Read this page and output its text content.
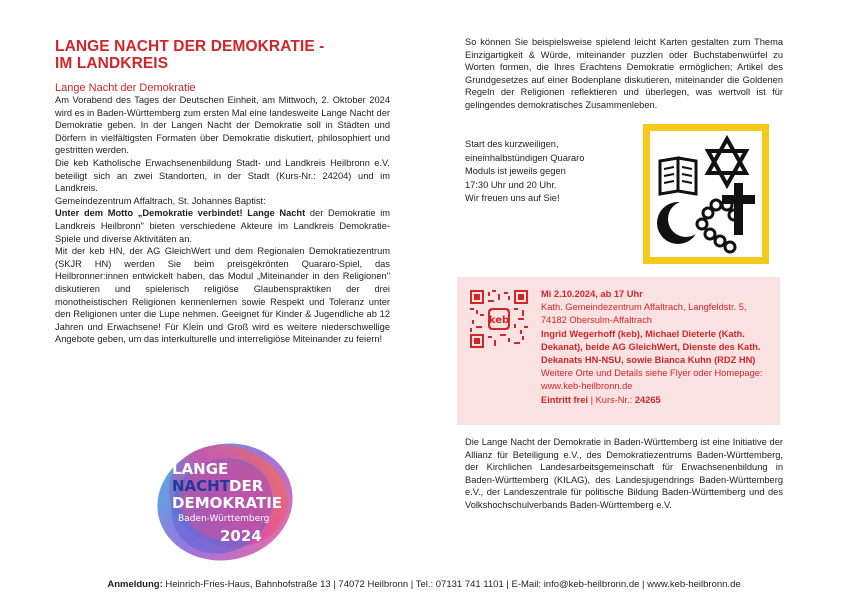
LANGE NACHT DER DEMOKRATIE -
IM LANDKREIS
Lange Nacht der Demokratie

Am Vorabend des Tages der Deutschen Einheit, am Mittwoch, 2. Oktober 2024 wird es in Baden-Württemberg zum ersten Mal eine landesweite Lange Nacht der Demokratie geben. In der Langen Nacht der Demokratie soll in Städten und Dörfern in vielfältigsten Formaten über Demokratie diskutiert, philosophiert und gestritten werden.

Die keb Katholische Erwachsenenbildung Stadt- und Landkreis Heilbronn e.V. beteiligt sich an zwei Standorten, in der Stadt (Kurs-Nr.: 24204) und im Landkreis.

Gemeindezentrum Affaltrach, St. Johannes Baptist:

Unter dem Motto „Demokratie verbindet! Lange Nacht der Demokratie im Landkreis Heilbronn" bieten verschiedene Akteure im Landkreis Demokratie-Spiele und diverse Aktivitäten an.

Mit der keb HN, der AG GleichWert und dem Regionalen Demokratiezentrum (SKJR HN) werden Sie beim preisgekrönten Quararo-Spiel, das Heilbronner:innen entwickelt haben, das Modul „Miteinander in den Religionen" diskutieren und spielerisch religiöse Glaubenspraktiken der drei monotheistischen Religionen kennenlernen sowie Respekt und Toleranz unter den Religionen unter die Lupe nehmen. Geeignet für Kinder & Jugendliche ab 12 Jahren und Erwachsene! Für Klein und Groß wird es weitere niederschwellige Angebote geben, um das interkulturelle und interreligiöse Miteinander zu feiern!

LANGE
NACHT DER
DEMOKRATIE
Baden-Württemberg
2024

So können Sie beispielsweise spielend leicht Karten gestalten zum Thema Einzigartigkeit & Würde, miteinander puzzlen oder Buchstabenwürfel zu Worten formen, die Ihres Erachtens Demokratie ermöglichen; Artikel des Grundgesetzes auf einer Bodenplane diskutieren, miteinander die Goldenen Regeln der Religionen reflektieren und überlegen, was wertvoll ist für gelingendes demokratisches Zusammenleben.

Start des kurzweiligen,
eineinhalbstündigen Quararo
Moduls ist jeweils gegen
17:30 Uhr und 20 Uhr.
Wir freuen uns auf Sie!
keb
Mi 2.10.2024, ab 17 Uhr
Kath. Gemeindezentrum Affaltrach, Langfeldstr. 5, 74182 Obersulm-Affaltrach
Ingrid Wegerhoff (keb), Michael Dieterle (Kath. Dekanat), beide AG GleichWert, Dienste des Kath. Dekanats HN-NSU, sowie Bianca Kuhn (RDZ HN)
Weitere Orte und Details siehe Flyer oder Homepage: www.keb-heilbronn.de
Eintritt frei | Kurs-Nr.: 24265

Die Lange Nacht der Demokratie in Baden-Württemberg ist eine Initiative der Allianz für Beteiligung e.V., des Demokratiezentrums Baden-Württemberg, der Kirchlichen Landesarbeitsgemeinschaft für Erwachsenenbildung in Baden-Württemberg (KILAG), des Landesjugendrings Baden-Württemberg e.V., der Landeszentrale für politische Bildung Baden-Württemberg und des Volkshochschulverbands Baden-Württemberg e.V.

Anmeldung: Heinrich-Fries-Haus, Bahnhofstraße 13 | 74072 Heilbronn | Tel.: 07131 741 1101 | E-Mail: info@keb-heilbronn.de | www.keb-heilbronn.de
